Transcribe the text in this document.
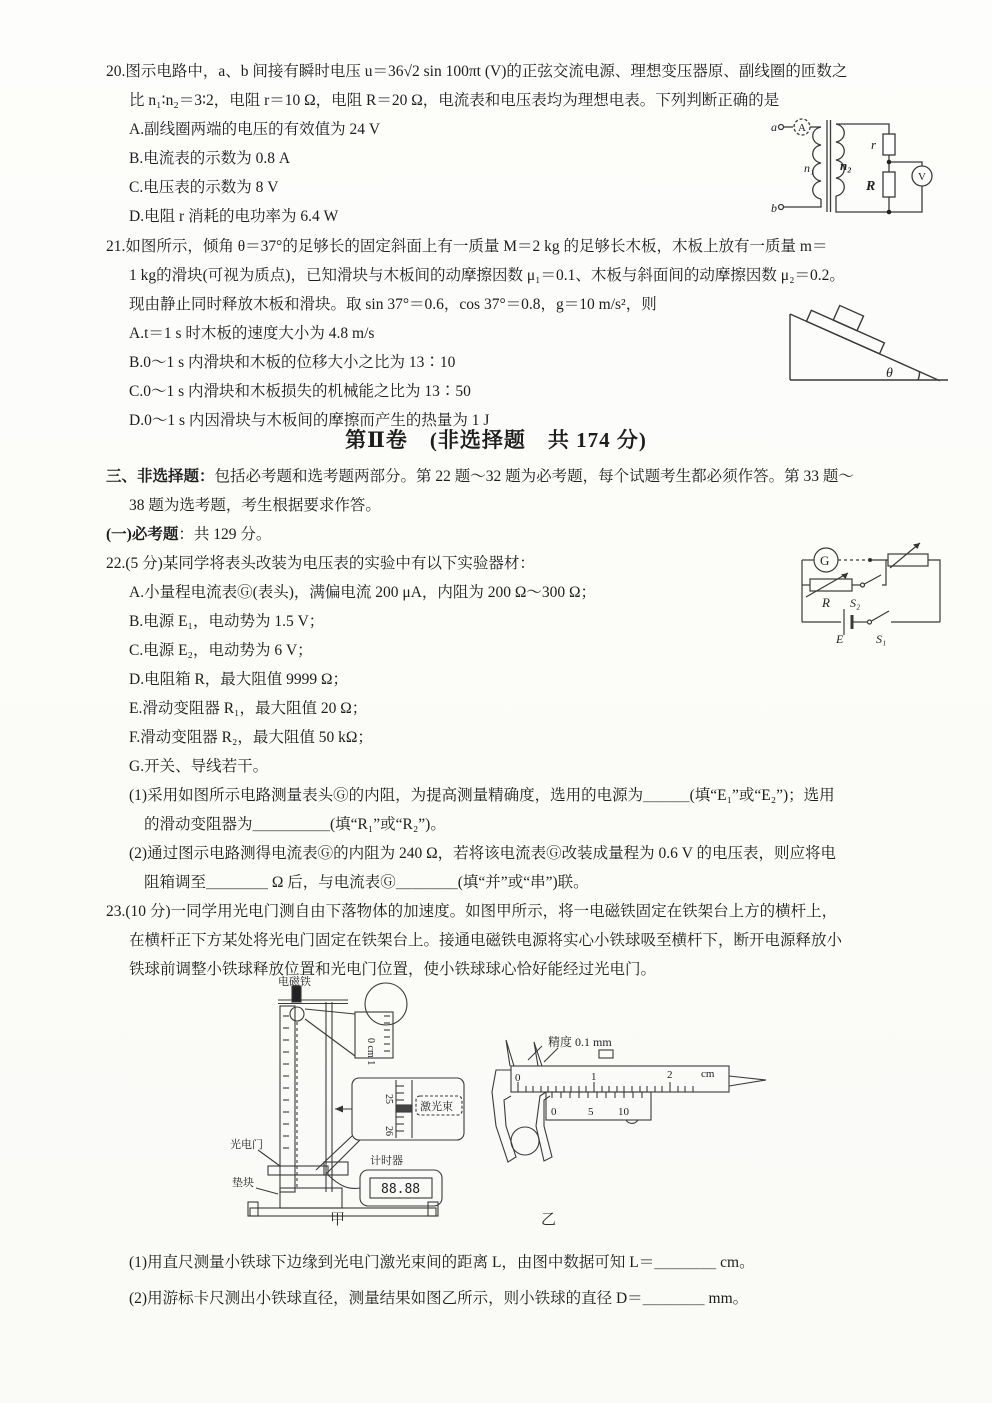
20.图示电路中，a、b 间接有瞬时电压 u＝36√2 sin 100πt (V)的正弦交流电源、理想变压器原、副线圈的匝数之
比 n₁∶n₂＝3∶2，电阻 r＝10 Ω，电阻 R＝20 Ω，电流表和电压表均为理想电表。下列判断正确的是
A.副线圈两端的电压的有效值为 24 V
B.电流表的示数为 0.8 A
C.电压表的示数为 8 V
D.电阻 r 消耗的电功率为 6.4 W
a
b
A
V
n₁ n₂
r
R
21.如图所示，倾角 θ＝37°的足够长的固定斜面上有一质量 M＝2 kg 的足够长木板，木板上放有一质量 m＝
1 kg的滑块(可视为质点)，已知滑块与木板间的动摩擦因数 μ₁＝0.1、木板与斜面间的动摩擦因数 μ₂＝0.2。
现由静止同时释放木板和滑块。取 sin 37°＝0.6，cos 37°＝0.8，g＝10 m/s²，则
A.t＝1 s 时木板的速度大小为 4.8 m/s
B.0～1 s 内滑块和木板的位移大小之比为 13∶10
C.0～1 s 内滑块和木板损失的机械能之比为 13∶50
D.0～1 s 内因滑块与木板间的摩擦而产生的热量为 1 J
θ
第Ⅱ卷　(非选择题　共 174 分)
三、非选择题：包括必考题和选考题两部分。第 22 题～32 题为必考题，每个试题考生都必须作答。第 33 题～
38 题为选考题，考生根据要求作答。
(一)必考题：共 129 分。
22.(5 分)某同学将表头改装为电压表的实验中有以下实验器材：
A.小量程电流表Ⓖ(表头)，满偏电流 200 μA，内阻为 200 Ω～300 Ω；
B.电源 E₁，电动势为 1.5 V；
C.电源 E₂，电动势为 6 V；
D.电阻箱 R，最大阻值 9999 Ω；
E.滑动变阻器 R₁，最大阻值 20 Ω；
F.滑动变阻器 R₂，最大阻值 50 kΩ；
G.开关、导线若干。
(1)采用如图所示电路测量表头Ⓖ的内阻，为提高测量精确度，选用的电源为＿＿＿(填“E₁”或“E₂”)；选用
的滑动变阻器为＿＿＿＿＿(填“R₁”或“R₂”)。
(2)通过图示电路测得电流表Ⓖ的内阻为 240 Ω，若将该电流表Ⓖ改装成量程为 0.6 V 的电压表，则应将电
阻箱调至＿＿＿＿ Ω 后，与电流表Ⓖ＿＿＿＿(填“并”或“串”)联。
G
R S₂
E	S₁
23.(10 分)一同学用光电门测自由下落物体的加速度。如图甲所示，将一电磁铁固定在铁架台上方的横杆上，
在横杆正下方某处将光电门固定在铁架台上。接通电磁铁电源将实心小铁球吸至横杆下，断开电源释放小
铁球前调整小铁球释放位置和光电门位置，使小铁球球心恰好能经过光电门。
电磁铁
0 cm 1
25
26
激光束
光电门
垫块
计时器
88.88
精度 0.1 mm
0	1	2	cm
0	5 10
甲	乙
(1)用直尺测量小铁球下边缘到光电门激光束间的距离 L，由图中数据可知 L＝＿＿＿＿ cm。
(2)用游标卡尺测出小铁球直径，测量结果如图乙所示，则小铁球的直径 D＝＿＿＿＿ mm。
